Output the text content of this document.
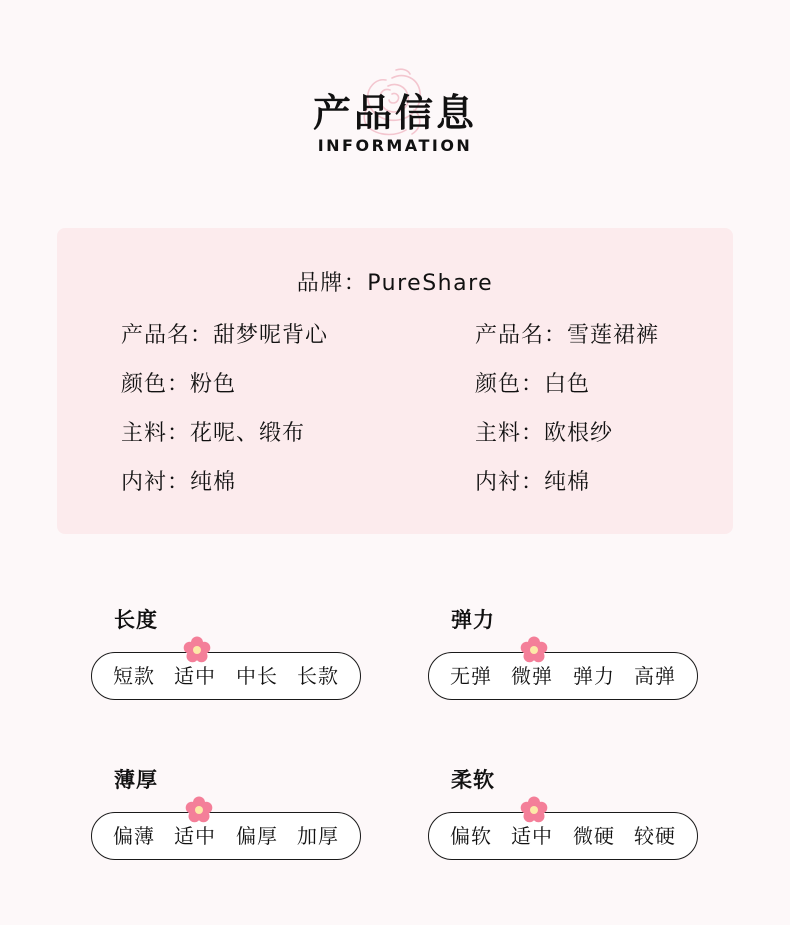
产品信息
INFORMATION
品牌：PureShare
产品名：甜梦呢背心
颜色：粉色
主料：花呢、缎布
内衬：纯棉
产品名：雪莲裙裤
颜色：白色
主料：欧根纱
内衬：纯棉
长度
短款 适中 中长 长款
弹力
无弹 微弹 弹力 高弹
薄厚
偏薄 适中 偏厚 加厚
柔软
偏软 适中 微硬 较硬
